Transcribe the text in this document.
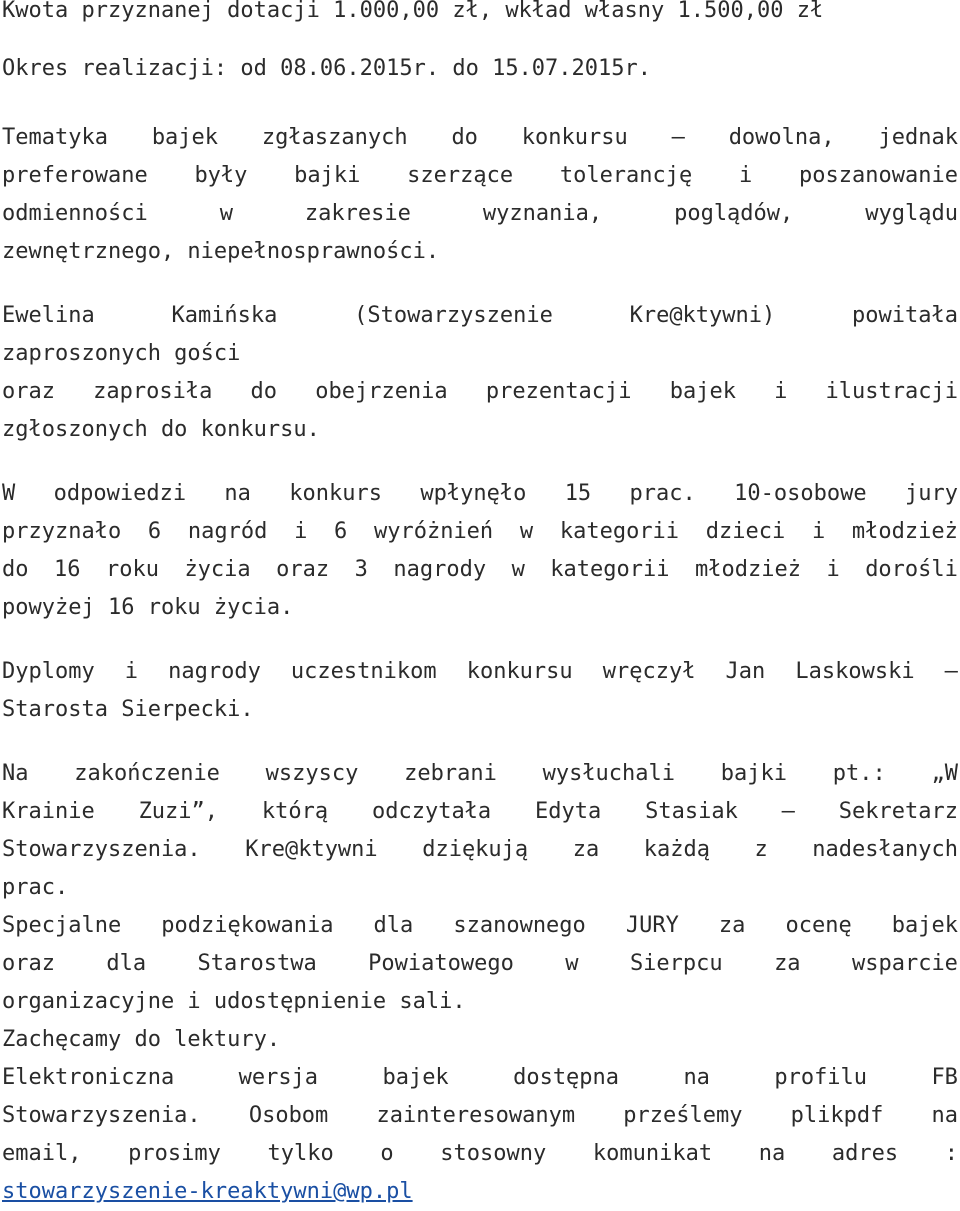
Kwota przyznanej dotacji 1.000,00 zł, wkład własny 1.500,00 zł
Okres realizacji: od 08.06.2015r. do 15.07.2015r.
Tematyka bajek zgłaszanych do konkursu – dowolna, jednak
preferowane były bajki szerzące tolerancję i poszanowanie
odmienności	w	zakresie	wyznania,	poglądów,	wyglądu
zewnętrznego, niepełnosprawności.
Ewelina	Kamińska	(Stowarzyszenie	Kre@ktywni)	powitała
zaproszonych gości
oraz zaprosiła do obejrzenia prezentacji bajek i ilustracji
zgłoszonych do konkursu.
W odpowiedzi na konkurs wpłynęło 15 prac. 10-osobowe jury
przyznało 6 nagród i 6 wyróżnień w kategorii dzieci i młodzież
do 16 roku życia oraz 3 nagrody w kategorii młodzież i dorośli
powyżej 16 roku życia.
Dyplomy i nagrody uczestnikom konkursu wręczył Jan Laskowski –
Starosta Sierpecki.
Na zakończenie wszyscy zebrani wysłuchali bajki pt.: „W
Krainie Zuzi”, którą odczytała Edyta Stasiak – Sekretarz
Stowarzyszenia. Kre@ktywni dziękują za każdą z nadesłanych
prac.
Specjalne podziękowania dla szanownego JURY za ocenę bajek
oraz dla Starostwa Powiatowego w Sierpcu za wsparcie
organizacyjne i udostępnienie sali.
Zachęcamy do lektury.
Elektroniczna	wersja	bajek	dostępna	na	profilu	FB
Stowarzyszenia. Osobom zainteresowanym prześlemy plikpdf na
email, prosimy tylko o stosowny komunikat na adres :
stowarzyszenie-kreaktywni@wp.pl
